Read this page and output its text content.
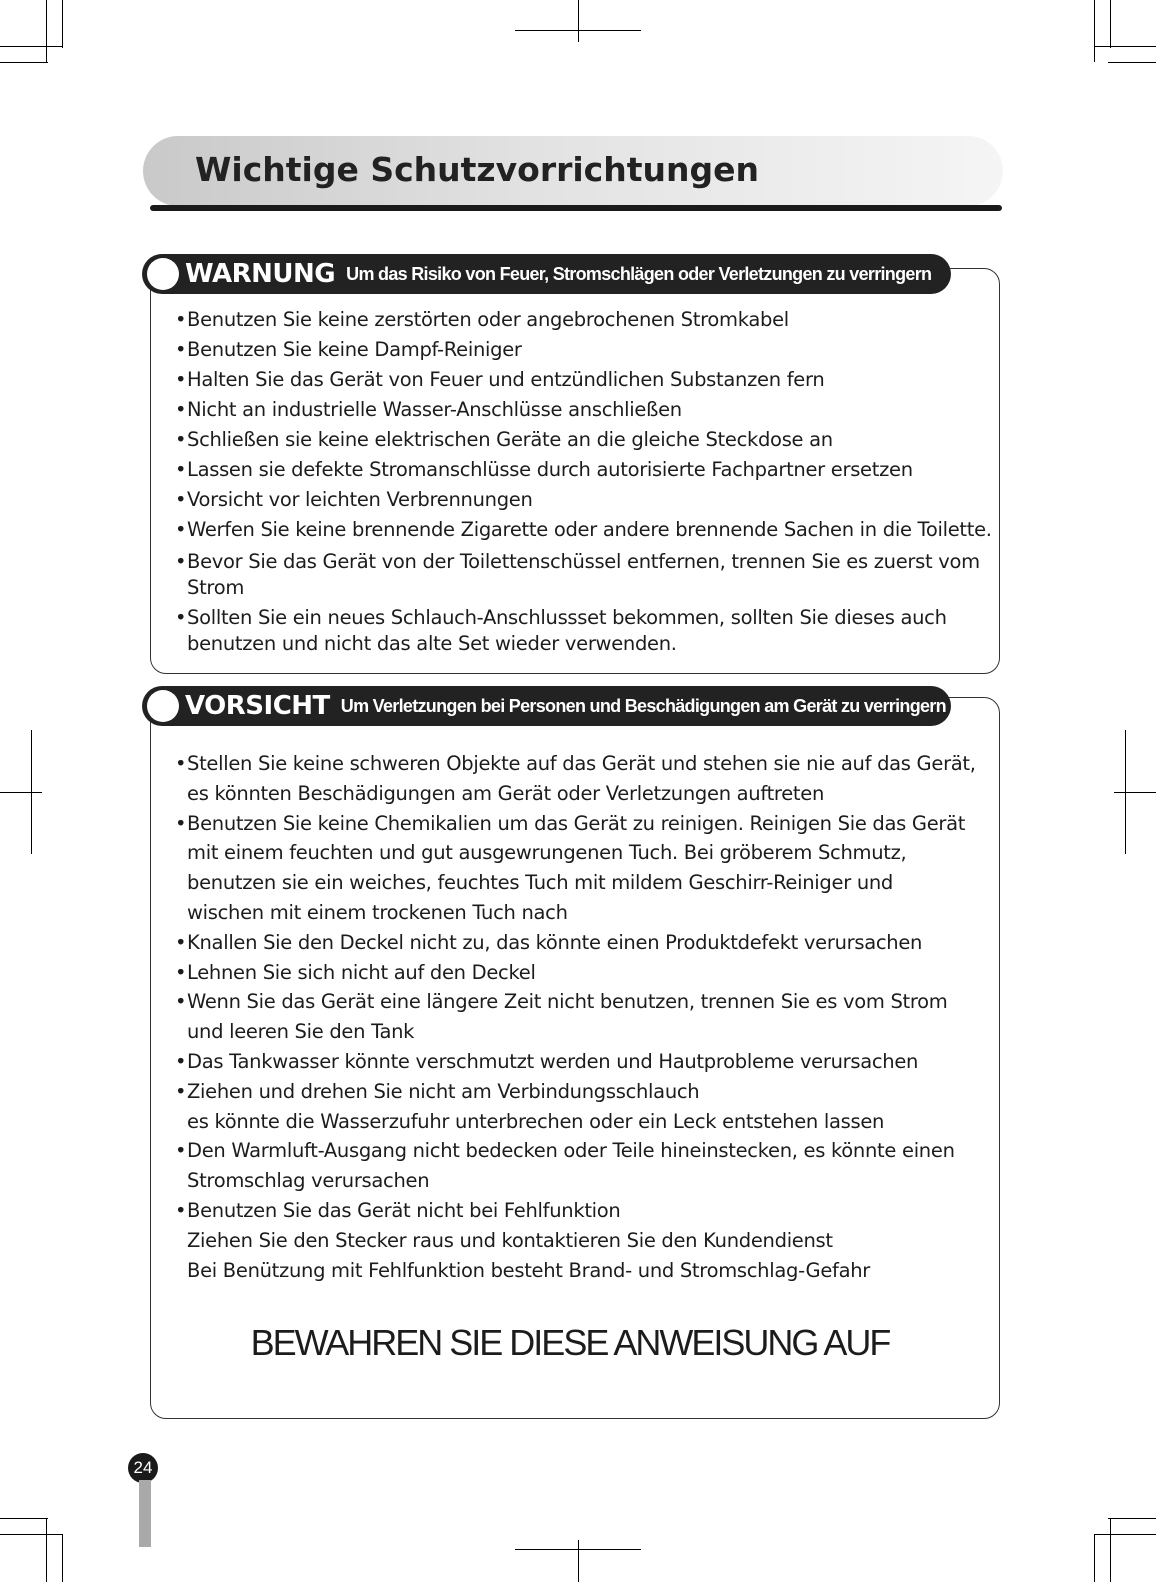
Wichtige Schutzvorrichtungen
WARNUNG Um das Risiko von Feuer, Stromschlägen oder Verletzungen zu verringern
• Benutzen Sie keine zerstörten oder angebrochenen Stromkabel
• Benutzen Sie keine Dampf-Reiniger
• Halten Sie das Gerät von Feuer und entzündlichen Substanzen fern
• Nicht an industrielle Wasser-Anschlüsse anschließen
• Schließen sie keine elektrischen Geräte an die gleiche Steckdose an
• Lassen sie defekte Stromanschlüsse durch autorisierte Fachpartner ersetzen
• Vorsicht vor leichten Verbrennungen
• Werfen Sie keine brennende Zigarette oder andere brennende Sachen in die Toilette.
• Bevor Sie das Gerät von der Toilettenschüssel entfernen, trennen Sie es zuerst vom
Strom
• Sollten Sie ein neues Schlauch-Anschlussset bekommen, sollten Sie dieses auch
benutzen und nicht das alte Set wieder verwenden.
VORSICHT Um Verletzungen bei Personen und Beschädigungen am Gerät zu verringern
• Stellen Sie keine schweren Objekte auf das Gerät und stehen sie nie auf das Gerät,
es könnten Beschädigungen am Gerät oder Verletzungen auftreten
• Benutzen Sie keine Chemikalien um das Gerät zu reinigen. Reinigen Sie das Gerät
mit einem feuchten und gut ausgewrungenen Tuch. Bei gröberem Schmutz,
benutzen sie ein weiches, feuchtes Tuch mit mildem Geschirr-Reiniger und
wischen mit einem trockenen Tuch nach
• Knallen Sie den Deckel nicht zu, das könnte einen Produktdefekt verursachen
• Lehnen Sie sich nicht auf den Deckel
• Wenn Sie das Gerät eine längere Zeit nicht benutzen, trennen Sie es vom Strom
und leeren Sie den Tank
• Das Tankwasser könnte verschmutzt werden und Hautprobleme verursachen
• Ziehen und drehen Sie nicht am Verbindungsschlauch
es könnte die Wasserzufuhr unterbrechen oder ein Leck entstehen lassen
• Den Warmluft-Ausgang nicht bedecken oder Teile hineinstecken, es könnte einen
Stromschlag verursachen
• Benutzen Sie das Gerät nicht bei Fehlfunktion
Ziehen Sie den Stecker raus und kontaktieren Sie den Kundendienst
Bei Benützung mit Fehlfunktion besteht Brand- und Stromschlag-Gefahr
BEWAHREN SIE DIESE ANWEISUNG AUF
24
